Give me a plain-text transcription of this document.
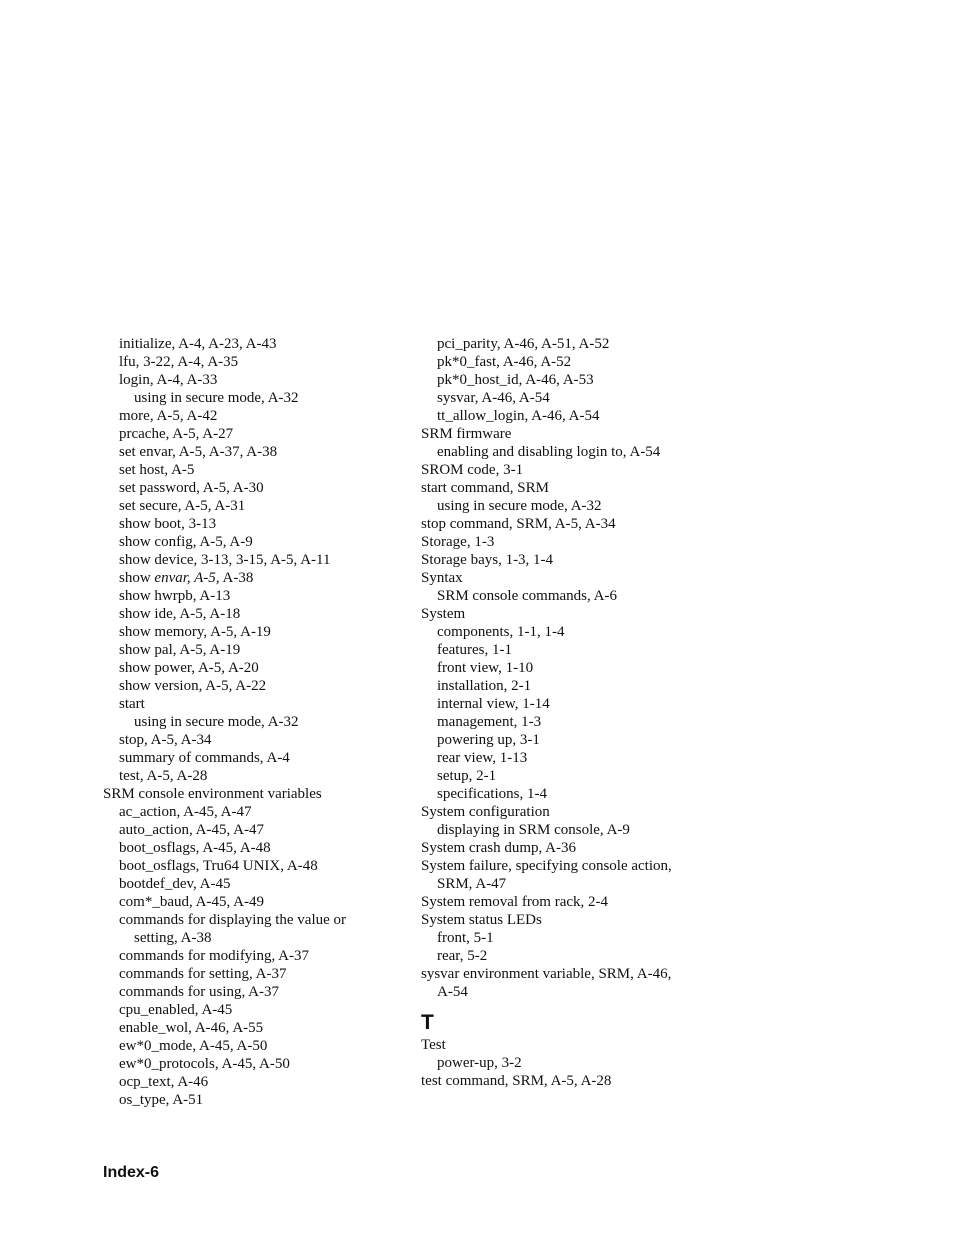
initialize, A-4, A-23, A-43
lfu, 3-22, A-4, A-35
login, A-4, A-33
using in secure mode, A-32
more, A-5, A-42
prcache, A-5, A-27
set envar, A-5, A-37, A-38
set host, A-5
set password, A-5, A-30
set secure, A-5, A-31
show boot, 3-13
show config, A-5, A-9
show device, 3-13, 3-15, A-5, A-11
show envar, A-5, A-38
show hwrpb, A-13
show ide, A-5, A-18
show memory, A-5, A-19
show pal, A-5, A-19
show power, A-5, A-20
show version, A-5, A-22
start
using in secure mode, A-32
stop, A-5, A-34
summary of commands, A-4
test, A-5, A-28
SRM console environment variables
ac_action, A-45, A-47
auto_action, A-45, A-47
boot_osflags, A-45, A-48
boot_osflags, Tru64 UNIX, A-48
bootdef_dev, A-45
com*_baud, A-45, A-49
commands for displaying the value or
setting, A-38
commands for modifying, A-37
commands for setting, A-37
commands for using, A-37
cpu_enabled, A-45
enable_wol, A-46, A-55
ew*0_mode, A-45, A-50
ew*0_protocols, A-45, A-50
ocp_text, A-46
os_type, A-51
pci_parity, A-46, A-51, A-52
pk*0_fast, A-46, A-52
pk*0_host_id, A-46, A-53
sysvar, A-46, A-54
tt_allow_login, A-46, A-54
SRM firmware
enabling and disabling login to, A-54
SROM code, 3-1
start command, SRM
using in secure mode, A-32
stop command, SRM, A-5, A-34
Storage, 1-3
Storage bays, 1-3, 1-4
Syntax
SRM console commands, A-6
System
components, 1-1, 1-4
features, 1-1
front view, 1-10
installation, 2-1
internal view, 1-14
management, 1-3
powering up, 3-1
rear view, 1-13
setup, 2-1
specifications, 1-4
System configuration
displaying in SRM console, A-9
System crash dump, A-36
System failure, specifying console action,
SRM, A-47
System removal from rack, 2-4
System status LEDs
front, 5-1
rear, 5-2
sysvar environment variable, SRM, A-46,
A-54
T
Test
power-up, 3-2
test command, SRM, A-5, A-28
Index-6
